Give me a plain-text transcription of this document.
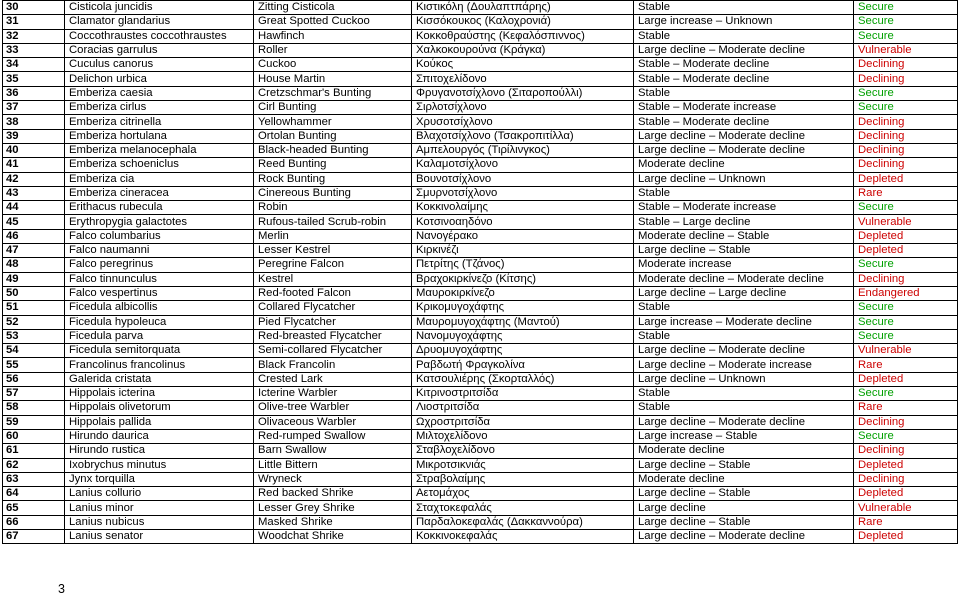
30	Cisticola juncidis	Zitting Cisticola	Κιστικόλη (Δουλαπτπάρης)	Stable	Secure
31	Clamator glandarius	Great Spotted Cuckoo	Κισσόκουκος (Καλοχρονιά)	Large increase – Unknown	Secure
32	Coccothraustes coccothraustes	Hawfinch	Κοκκοθραύστης (Κεφαλόσπινvoς)	Stable	Secure
33	Coracias garrulus	Roller	Χαλκοκουρούνα (Κράγκα)	Large decline – Moderate decline	Vulnerable
34	Cuculus canorus	Cuckoo	Κούκος	Stable – Moderate decline	Declining
35	Delichon urbica	House Martin	Σπιτοχελίδονο	Stable – Moderate decline	Declining
36	Emberiza caesia	Cretzschmar's Bunting	Φρυγανοτσίχλονο (Σιταροπούλλι)	Stable	Secure
37	Emberiza cirlus	Cirl Bunting	Σιρλοτσίχλονο	Stable – Moderate increase	Secure
38	Emberiza citrinella	Yellowhammer	Χρυσοτσίχλονο	Stable – Moderate decline	Declining
39	Emberiza hortulana	Ortolan Bunting	Βλαχοτσίχλονο (Τσακροπιτίλλα)	Large decline – Moderate decline	Declining
40	Emberiza melanocephala	Black-headed Bunting	Αμπελουργός (Τιρίλινγκος)	Large decline – Moderate decline	Declining
41	Emberiza schoeniclus	Reed Bunting	Καλαμοτσίχλονο	Moderate decline	Declining
42	Emberiza cia	Rock Bunting	Βουνοτσίχλονο	Large decline – Unknown	Depleted
43	Emberiza cineracea	Cinereous Bunting	Σμυρνοτσίχλονο	Stable	Rare
44	Erithacus rubecula	Robin	Κοκκινολαίμης	Stable – Moderate increase	Secure
45	Erythropygia galactotes	Rufous-tailed Scrub-robin	Κοτσινοαηδόνο	Stable – Large decline	Vulnerable
46	Falco columbarius	Merlin	Νανογέρακο	Moderate decline – Stable	Depleted
47	Falco naumanni	Lesser Kestrel	Κιρκινέζι	Large decline – Stable	Depleted
48	Falco peregrinus	Peregrine Falcon	Πετρίτης (Τζάνος)	Moderate increase	Secure
49	Falco tinnunculus	Kestrel	Βραχοκιρκίνεζο (Κίτσης)	Moderate decline – Moderate decline	Declining
50	Falco vespertinus	Red-footed Falcon	Μαυροκιρκίνεζο	Large decline – Large decline	Endangered
51	Ficedula albicollis	Collared Flycatcher	Κρικομυγοχάφτης	Stable	Secure
52	Ficedula hypoleuca	Pied Flycatcher	Μαυρομυγοχάφτης (Μαντού)	Large increase – Moderate decline	Secure
53	Ficedula parva	Red-breasted Flycatcher	Νανομυγοχάφτης	Stable	Secure
54	Ficedula semitorquata	Semi-collared Flycatcher	Δρυομυγοχάφτης	Large decline – Moderate decline	Vulnerable
55	Francolinus francolinus	Black Francolin	Ραβδωτή Φραγκολίνα	Large decline – Moderate increase	Rare
56	Galerida cristata	Crested Lark	Κατσουλιέρης (Σκορταλλός)	Large decline – Unknown	Depleted
57	Hippolais icterina	Icterine Warbler	Κιτρινοστριτσίδα	Stable	Secure
58	Hippolais olivetorum	Olive-tree Warbler	Λιοστριτσίδα	Stable	Rare
59	Hippolais pallida	Olivaceous Warbler	Ωχροστριτσίδα	Large decline – Moderate decline	Declining
60	Hirundo daurica	Red-rumped Swallow	Μιλτοχελίδονο	Large increase – Stable	Secure
61	Hirundo rustica	Barn Swallow	Σταβλοχελίδονο	Moderate decline	Declining
62	Ixobrychus minutus	Little Bittern	Μικροτσικνιάς	Large decline – Stable	Depleted
63	Jynx torquilla	Wryneck	Στραβολαίμης	Moderate decline	Declining
64	Lanius collurio	Red backed Shrike	Αετομάχος	Large decline – Stable	Depleted
65	Lanius minor	Lesser Grey Shrike	Σταχτοκεφαλάς	Large decline	Vulnerable
66	Lanius nubicus	Masked Shrike	Παρδαλοκεφαλάς (Δακκαννούρα)	Large decline – Stable	Rare
67	Lanius senator	Woodchat Shrike	Κοκκινοκεφαλάς	Large decline – Moderate decline	Depleted
3
